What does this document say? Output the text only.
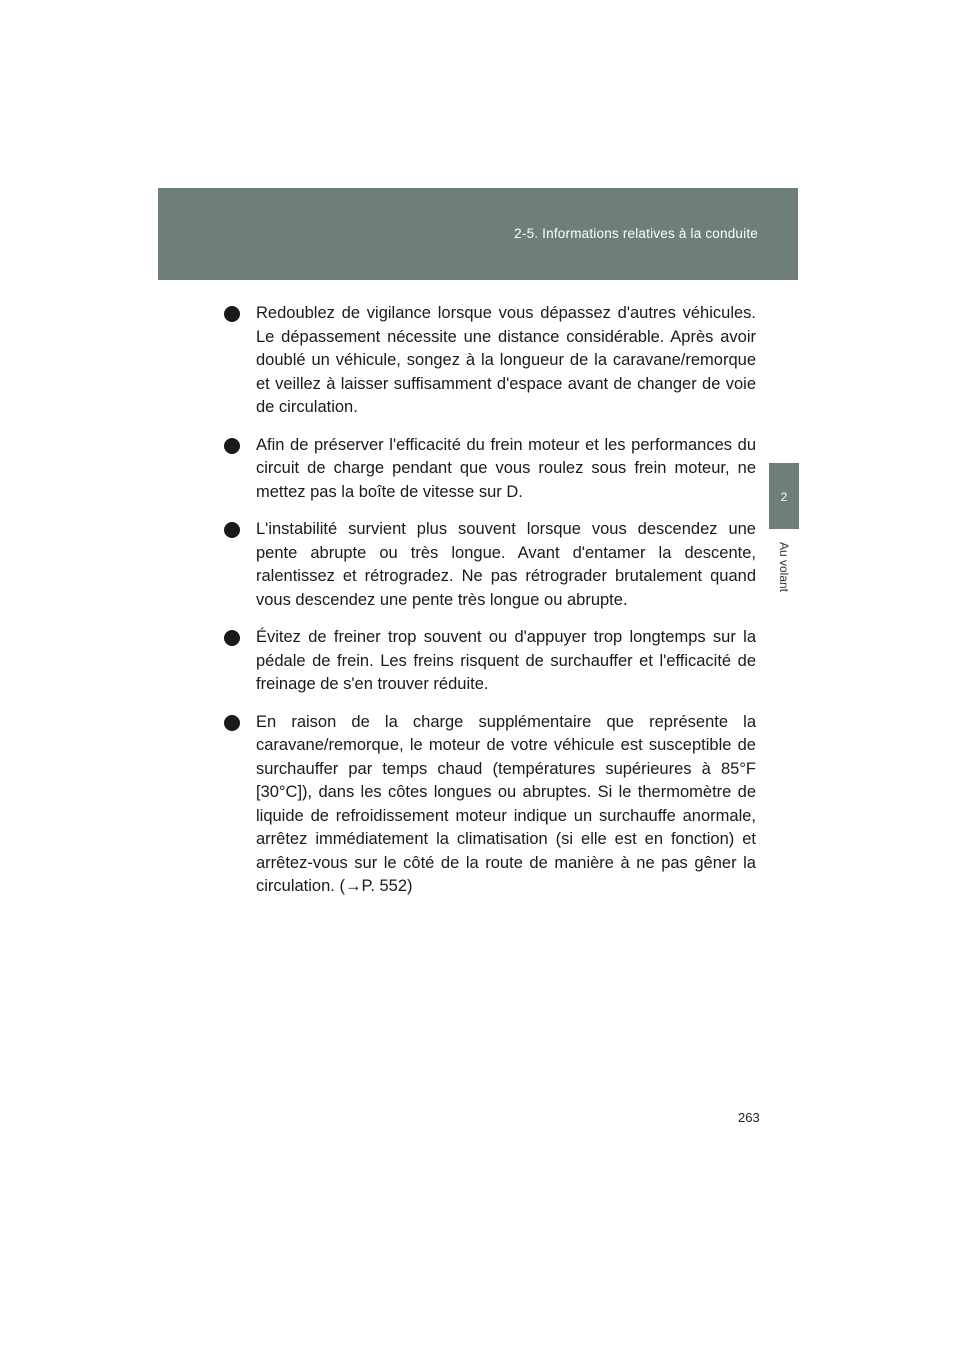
2-5. Informations relatives à la conduite
2
Au volant
Redoublez de vigilance lorsque vous dépassez d'autres véhicules. Le dépassement nécessite une distance considérable. Après avoir doublé un véhicule, songez à la longueur de la caravane/remorque et veillez à laisser suffisamment d'espace avant de changer de voie de circulation.
Afin de préserver l'efficacité du frein moteur et les performances du circuit de charge pendant que vous roulez sous frein moteur, ne mettez pas la boîte de vitesse sur D.
L'instabilité survient plus souvent lorsque vous descendez une pente abrupte ou très longue. Avant d'entamer la descente, ralentissez et rétrogradez. Ne pas rétrograder brutalement quand vous descendez une pente très longue ou abrupte.
Évitez de freiner trop souvent ou d'appuyer trop longtemps sur la pédale de frein. Les freins risquent de surchauffer et l'efficacité de freinage de s'en trouver réduite.
En raison de la charge supplémentaire que représente la caravane/remorque, le moteur de votre véhicule est susceptible de surchauffer par temps chaud (températures supérieures à 85°F [30°C]), dans les côtes longues ou abruptes. Si le thermomètre de liquide de refroidissement moteur indique un surchauffe anormale, arrêtez immédiatement la climatisation (si elle est en fonction) et arrêtez-vous sur le côté de la route de manière à ne pas gêner la circulation. (→P. 552)
263
